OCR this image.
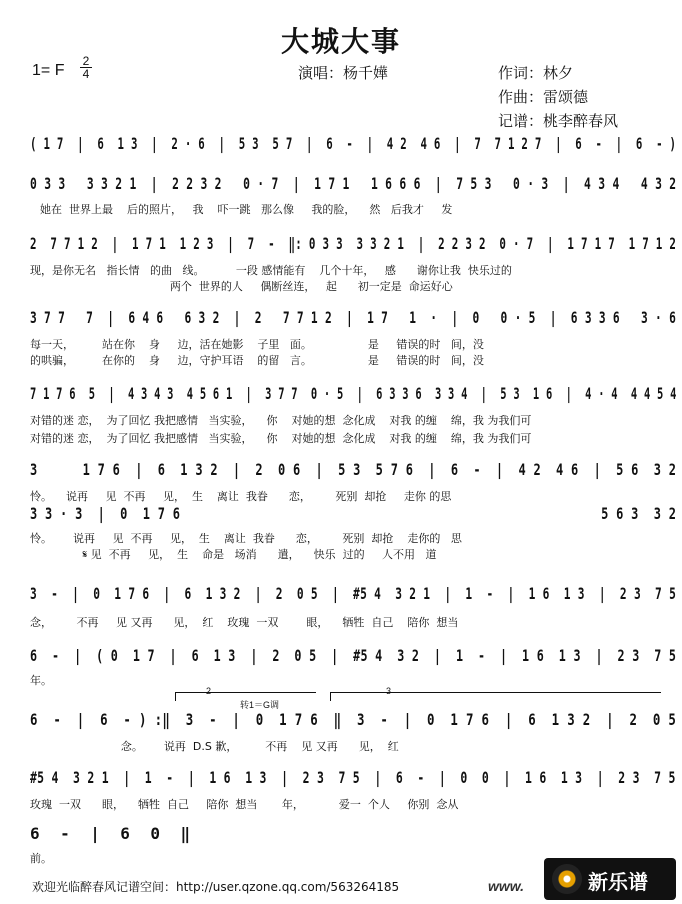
大城大事
1= F
2
4	演唱：杨千嬅	作词：林夕
作曲：雷颂德
记谱：桃李醉春风
( 1 7  |  6  1 3  |  2 · 6  |  5 3  5 7  |  6  -  |  4 2  4 6  |  7  7 1 2 7  |  6  -  |  6  - )
0 3 3   3 3 2 1  |  2 2 3 2   0 · 7  |  1 7 1   1 6 6 6  |  7 5 3   0 · 3  |  4 3 4   4 3 2
她在  世界上最    后的照片，   我    吓一跳   那么像     我的脸，    然   后我才     发
2  7 7 1 2  |  1 7 1  1 2 3  |  7  -  ‖: 0 3 3  3 3 2 1  |  2 2 3 2  0 · 7  |  1 7 1 7  1 7 1 2
现，是你无名   指长情   的曲   线。         一段 感情能有    几个十年，   感      谢你让我  快乐过的
两个  世界的人     偶断丝连，   起      初一定是  命运好心
3 7 7   7  |  6 4 6   6 3 2  |  2   7 7 1 2  |  1 7   1  ·  |  0   0 · 5  |  6 3 3 6   3 · 6
每一天，        站在你    身     边，活在她影    子里   面。                是     错误的时   间，没
的哄骗，        在你的    身     边，守护耳语    的留   言。                是     错误的时   间，没
7 1 7 6  5  |  4 3 4 3  4 5 6 1  |  3 7 7  0 · 5  |  6 3 3 6  3 3 4  |  5 3  1 6  |  4 · 4  4 4 5 4
对错的迷 恋，  为了回忆 我把感情   当实验，    你    对她的想  念化成    对我 的缠    绵，我 为我们可
对错的迷 恋，  为了回忆 我把感情   当实验，    你    对她的想  念化成    对我 的缠    绵，我 为我们可
3      1 7 6  |  6  1 3 2  |  2  0 6  |  5 3  5 7 6  |  6  -  |  4 2  4 6  |  5 6  3 2
怜。    说再     见  不再     见，  生    离让  我眷      恋，       死别  却抢     走你 的思
3 3 · 3  |  0  1 7 6                                                        5 6 3  3 2
怜。      说再     见  不再     见，  生    离让  我眷      恋，       死别  却抢    走你的   思
𝄋 见  不再     见，  生    命是   场消      遣，    快乐  过的     人不用   道
3  -  |  0  1 7 6  |  6  1 3 2  |  2  0 5  |  #5 4  3 2 1  |  1  -  |  1 6  1 3  |  2 3  7 5
念，       不再     见 又再      见，  红    玫瑰  一双        眼，    牺牲  自己    陪你  想当
6  -  |  ( 0  1 7  |  6  1 3  |  2  0 5  |  #5 4  3 2  |  1  -  |  1 6  1 3  |  2 3  7 5
年。
2
转1＝G调
3
6  -  |  6  - ) :‖  3  -  |  0  1 7 6  ‖  3  -  |  0  1 7 6  |  6  1 3 2  |  2  0 5
念。      说再  D.S 歉，        不再    见 又再      见，  红
#5 4  3 2 1  |  1  -  |  1 6  1 3  |  2 3  7 5  |  6  -  |  0  0  |  1 6  1 3  |  2 3  7 5
玫瑰  一双      眼，    牺牲  自己     陪你  想当       年，          爱一  个人     你别  念从
6  -  |  6  0  ‖
前。
欢迎光临醉春风记谱空间：http://user.qzone.qq.com/563264185	www.	新乐谱
